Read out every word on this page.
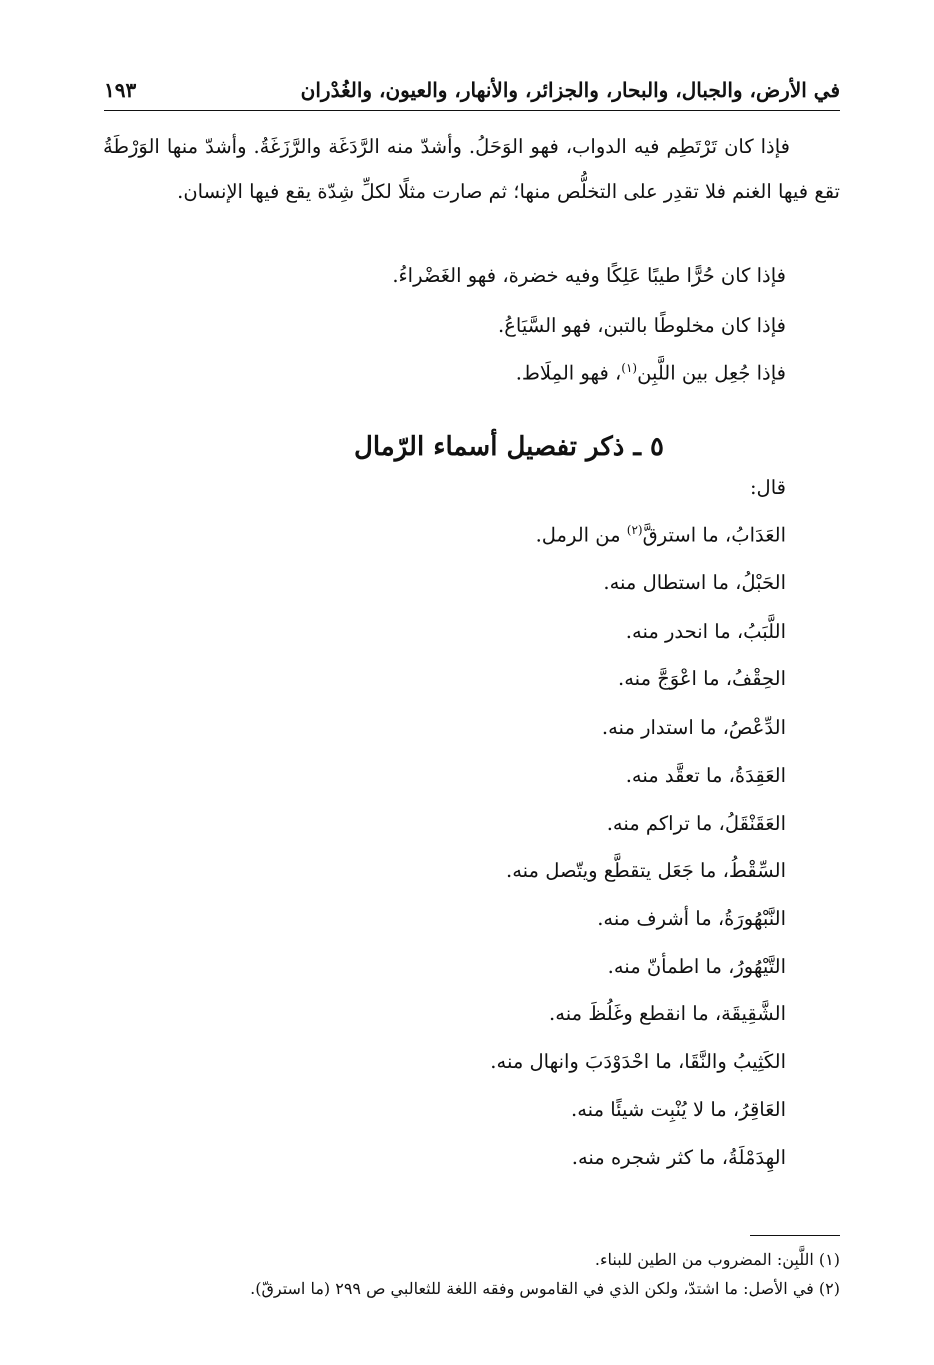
في الأرض، والجبال، والبحار، والجزائر، والأنهار، والعيون، والغُدْران
١٩٣

فإذا كان تَرْتَطِم فيه الدواب، فهو الوَحَلُ. وأشدّ منه الرَّدَغَة والرَّزَغَةُ. وأشدّ منها الوَرْطَةُ تقع فيها الغنم فلا تقدِر على التخلُّص منها؛ ثم صارت مثلًا لكلِّ شِدّة يقع فيها الإنسان.

فإذا كان حُرًّا طيبًا عَلِكًا وفيه خضرة، فهو الغَضْراءُ.
فإذا كان مخلوطًا بالتبن، فهو السَّيَاعُ.
فإذا جُعِل بين اللَّبِن$^{(١)}$، فهو المِلَاط.
٥ ـ ذكر تفصيل أسماء الرّمال
قال:
العَدَابُ، ما استرقَّ$^{(٢)}$ من الرمل.
الحَبْلُ، ما استطال منه.
اللَّبَبُ، ما انحدر منه.
الحِقْفُ، ما اعْوَجَّ منه.
الدِّعْصُ، ما استدار منه.
العَقِدَةُ، ما تعقَّد منه.
العَقَنْقَلُ، ما تراكم منه.
السِّقْطُ، ما جَعَل يتقطَّع ويتّصل منه.
النَّبْهُورَةُ، ما أشرف منه.
التَّيْهُورُ، ما اطمأنّ منه.
الشَّقِيقَة، ما انقطع وغَلُظَ منه.
الكَثِيبُ والنَّقَا، ما احْدَوْدَبَ وانهال منه.
العَاقِرُ، ما لا يُنْبِت شيئًا منه.
الهِدَمْلَةُ، ما كثر شجره منه.
(١) اللَّبِن: المضروب من الطين للبناء.
(٢) في الأصل: ما اشتدّ، ولكن الذي في القاموس وفقه اللغة للثعالبي ص ٢٩٩ (ما استرقّ).
